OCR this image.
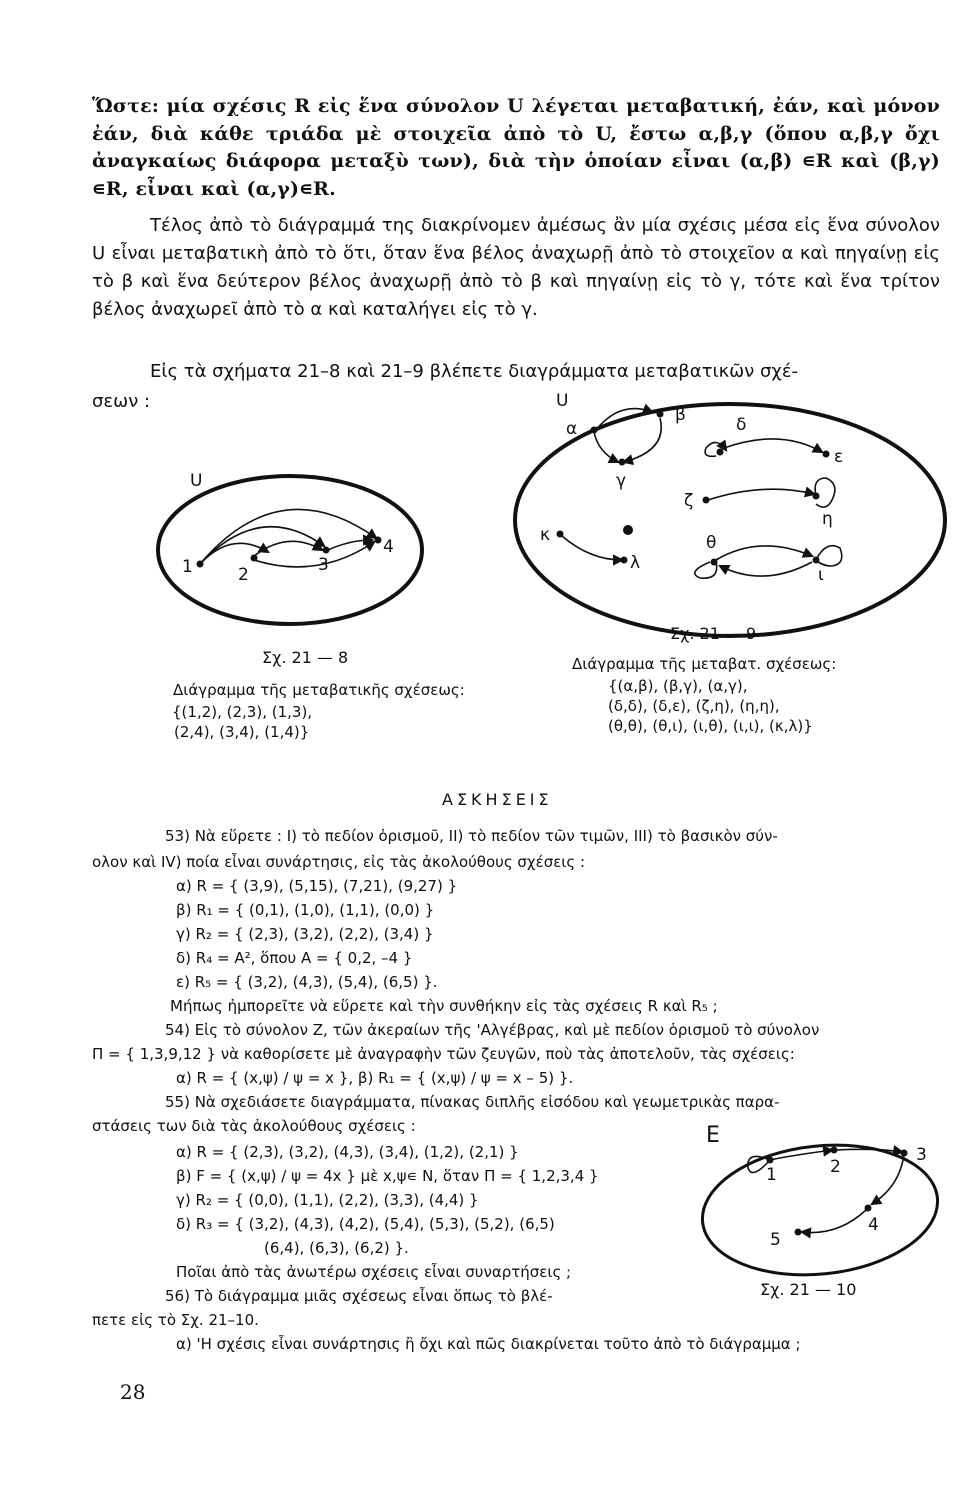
Ὥστε: μία σχέσις R εἰς ἕνα σύνολον U λέγεται μεταβατική, ἐάν, καὶ μόνον ἐάν, διὰ κάθε τριάδα μὲ στοιχεῖα ἀπὸ τὸ U, ἔστω α,β,γ (ὅπου α,β,γ ὄχι ἀναγκαίως διάφορα μεταξὺ των), διὰ τὴν ὁποίαν εἶναι (α,β) ∊R καὶ (β,γ) ∊R, εἶναι καὶ (α,γ)∊R.

Τέλος ἀπὸ τὸ διάγραμμά της διακρίνομεν ἀμέσως ἂν μία σχέσις μέσα εἰς ἕνα σύνολον U εἶναι μεταβατικὴ ἀπὸ τὸ ὅτι, ὅταν ἕνα βέλος ἀναχωρῇ ἀπὸ τὸ στοιχεῖον α καὶ πηγαίνῃ εἰς τὸ β καὶ ἕνα δεύτερον βέλος ἀναχωρῇ ἀπὸ τὸ β καὶ πηγαίνῃ εἰς τὸ γ, τότε καὶ ἕνα τρίτον βέλος ἀναχωρεῖ ἀπὸ τὸ α καὶ καταλήγει εἰς τὸ γ.

Εἰς τὰ σχήματα 21–8 καὶ 21–9 βλέπετε διαγράμματα μεταβατικῶν σχέ-
σεων :
U
1	2	3
4
U
α
β
γ
δ
ε
ζ
η
θ
ι
κ
λ
E
1	2
3
4
5
Σχ. 21 — 8
Διάγραμμα τῆς μεταβατικῆς σχέσεως:
{(1,2), (2,3), (1,3),
(2,4), (3,4), (1,4)}
Σχ. 21 — 9
Διάγραμμα τῆς μεταβατ. σχέσεως:
{(α,β), (β,γ), (α,γ),
(δ,δ), (δ,ε), (ζ,η), (η,η),
(θ,θ), (θ,ι), (ι,θ), (ι,ι), (κ,λ)}
ΑΣΚΗΣΕΙΣ
53) Νὰ εὕρετε : I) τὸ πεδίον ὁρισμοῦ, II) τὸ πεδίον τῶν τιμῶν, III) τὸ βασικὸν σύν-
ολον καὶ IV) ποία εἶναι συνάρτησις, εἰς τὰς ἀκολούθους σχέσεις :
α) R = { (3,9), (5,15), (7,21), (9,27) }
β) R₁ = { (0,1), (1,0), (1,1), (0,0) }
γ) R₂ = { (2,3), (3,2), (2,2), (3,4) }
δ) R₄ = A², ὅπου A = { 0,2, –4 }
ε) R₅ = { (3,2), (4,3), (5,4), (6,5) }.
Μήπως ἠμπορεῖτε νὰ εὕρετε καὶ τὴν συνθήκην εἰς τὰς σχέσεις R καὶ R₅ ;
54) Εἰς τὸ σύνολον Z, τῶν ἀκεραίων τῆς 'Αλγέβρας, καὶ μὲ πεδίον ὁρισμοῦ τὸ σύνολον
Π = { 1,3,9,12 } νὰ καθορίσετε μὲ ἀναγραφὴν τῶν ζευγῶν, ποὺ τὰς ἀποτελοῦν, τὰς σχέσεις:
α) R = { (x,ψ) / ψ = x }, β) R₁ = { (x,ψ) / ψ = x – 5) }.
55) Νὰ σχεδιάσετε διαγράμματα, πίνακας διπλῆς εἰσόδου καὶ γεωμετρικὰς παρα-
στάσεις των διὰ τὰς ἀκολούθους σχέσεις :
α) R = { (2,3), (3,2), (4,3), (3,4), (1,2), (2,1) }
β) F = { (x,ψ) / ψ = 4x } μὲ x,ψ∊ N, ὅταν Π = { 1,2,3,4 }
γ) R₂ = { (0,0), (1,1), (2,2), (3,3), (4,4) }
δ) R₃ = { (3,2), (4,3), (4,2), (5,4), (5,3), (5,2), (6,5)
(6,4), (6,3), (6,2) }.
Ποῖαι ἀπὸ τὰς ἀνωτέρω σχέσεις εἶναι συναρτήσεις ;
56) Τὸ διάγραμμα μιᾶς σχέσεως εἶναι ὅπως τὸ βλέ-
πετε εἰς τὸ Σχ. 21–10.
α) 'Η σχέσις εἶναι συνάρτησις ἢ ὄχι καὶ πῶς διακρίνεται τοῦτο ἀπὸ τὸ διάγραμμα ;
Σχ. 21 — 10
28
